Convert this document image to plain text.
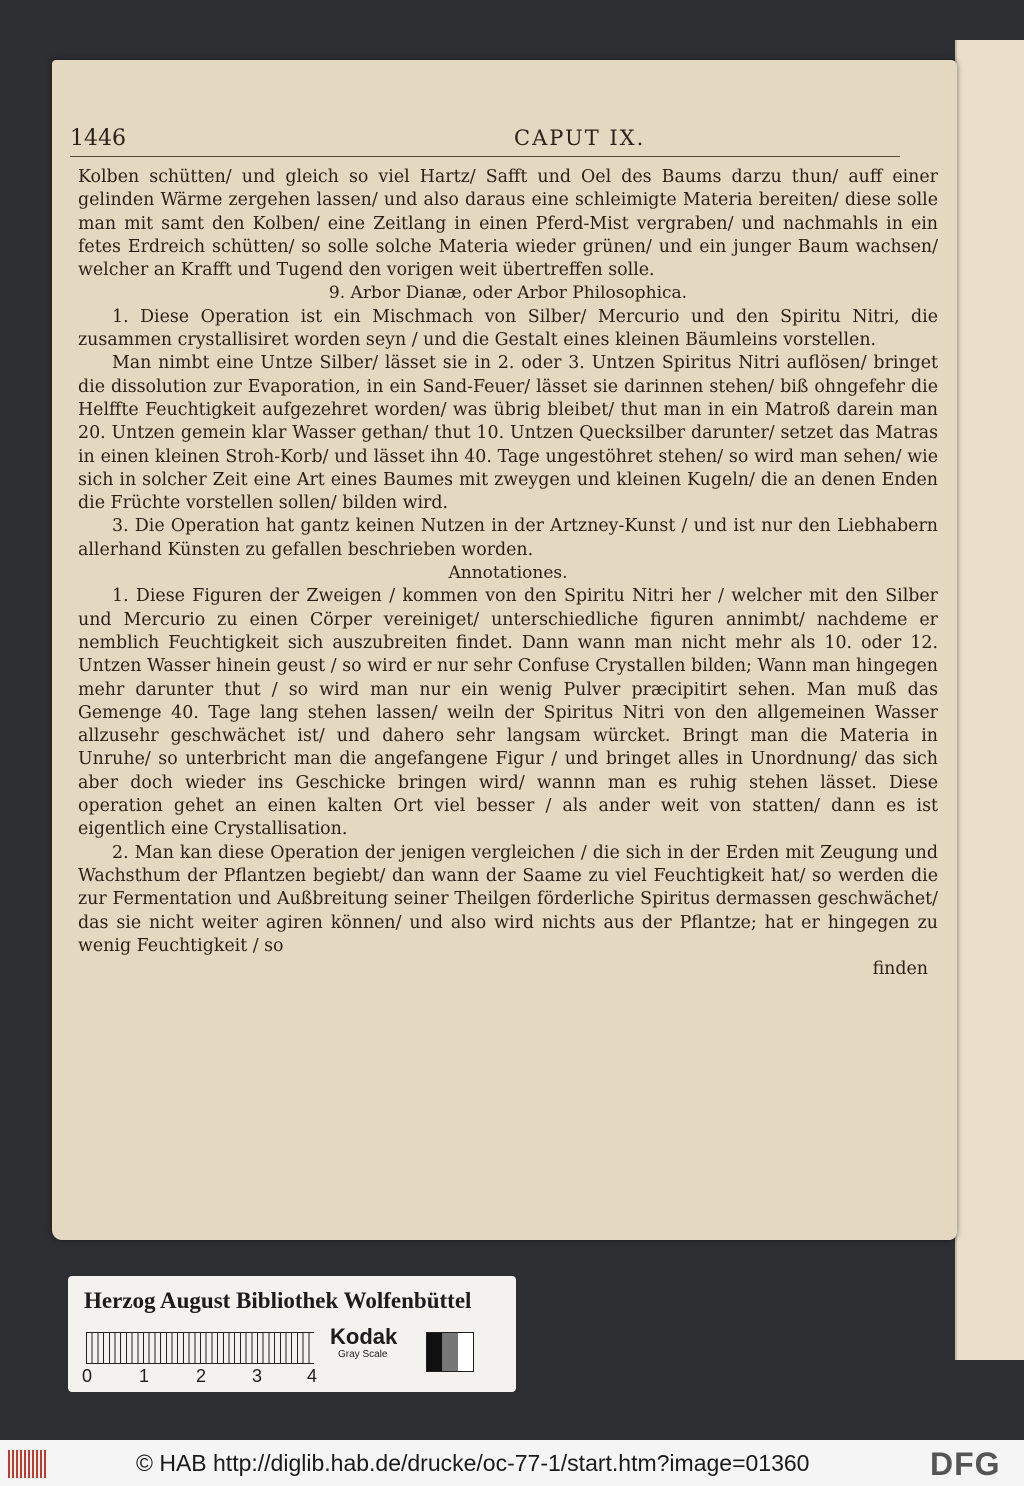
1446	CAPUT IX.

Kolben schütten/ und gleich so viel Hartz/ Safft und Oel des Baums darzu thun/ auff einer gelinden Wärme zergehen lassen/ und also daraus eine schleimigte Materia bereiten/ diese solle man mit samt den Kolben/ eine Zeitlang in einen Pferd-Mist vergraben/ und nachmahls in ein fetes Erdreich schütten/ so solle solche Materia wieder grünen/ und ein junger Baum wachsen/ welcher an Krafft und Tugend den vorigen weit übertreffen solle.

9. Arbor Dianæ, oder Arbor Philosophica.

1. Diese Operation ist ein Mischmach von Silber/ Mercurio und den Spiritu Nitri, die zusammen crystallisiret worden seyn / und die Gestalt eines kleinen Bäumleins vorstellen.

Man nimbt eine Untze Silber/ lässet sie in 2. oder 3. Untzen Spiritus Nitri auflösen/ bringet die dissolution zur Evaporation, in ein Sand-Feuer/ lässet sie darinnen stehen/ biß ohngefehr die Helffte Feuchtigkeit aufgezehret worden/ was übrig bleibet/ thut man in ein Matroß darein man 20. Untzen gemein klar Wasser gethan/ thut 10. Untzen Quecksilber darunter/ setzet das Matras in einen kleinen Stroh-Korb/ und lässet ihn 40. Tage ungestöhret stehen/ so wird man sehen/ wie sich in solcher Zeit eine Art eines Baumes mit zweygen und kleinen Kugeln/ die an denen Enden die Früchte vorstellen sollen/ bilden wird.

3. Die Operation hat gantz keinen Nutzen in der Artzney-Kunst / und ist nur den Liebhabern allerhand Künsten zu gefallen beschrieben worden.

Annotationes.

1. Diese Figuren der Zweigen / kommen von den Spiritu Nitri her / welcher mit den Silber und Mercurio zu einen Cörper vereiniget/ unterschiedliche figuren annimbt/ nachdeme er nemblich Feuchtigkeit sich auszubreiten findet. Dann wann man nicht mehr als 10. oder 12. Untzen Wasser hinein geust / so wird er nur sehr Confuse Crystallen bilden; Wann man hingegen mehr darunter thut / so wird man nur ein wenig Pulver præcipitirt sehen. Man muß das Gemenge 40. Tage lang stehen lassen/ weiln der Spiritus Nitri von den allgemeinen Wasser allzusehr geschwächet ist/ und dahero sehr langsam würcket. Bringt man die Materia in Unruhe/ so unterbricht man die angefangene Figur / und bringet alles in Unordnung/ das sich aber doch wieder ins Geschicke bringen wird/ wannn man es ruhig stehen lässet. Diese operation gehet an einen kalten Ort viel besser / als ander weit von statten/ dann es ist eigentlich eine Crystallisation.

2. Man kan diese Operation der jenigen vergleichen / die sich in der Erden mit Zeugung und Wachsthum der Pflantzen begiebt/ dan wann der Saame zu viel Feuchtigkeit hat/ so werden die zur Fermentation und Außbreitung seiner Theilgen förderliche Spiritus dermassen geschwächet/ das sie nicht weiter agiren können/ und also wird nichts aus der Pflantze; hat er hingegen zu wenig Feuchtigkeit / so

finden

Herzog August Bibliothek Wolfenbüttel
0	1	2	3 4
Kodak
Gray Scale
© HAB http://diglib.hab.de/drucke/oc-77-1/start.htm?image=01360	DFG
